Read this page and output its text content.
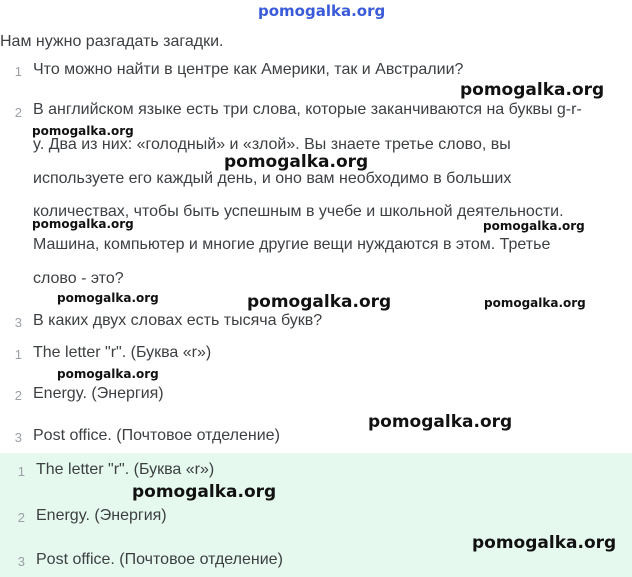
pomogalka.org
Нам нужно разгадать загадки.
1 Что можно найти в центре как Америки, так и Австралии?
2 В английском языке есть три слова, которые заканчиваются на буквы g-r-
y. Два из них: «голодный» и «злой». Вы знаете третье слово, вы
используете его каждый день, и оно вам необходимо в больших
количествах, чтобы быть успешным в учебе и школьной деятельности.
Машина, компьютер и многие другие вещи нуждаются в этом. Третье
слово - это?
3 В каких двух словах есть тысяча букв?
1 The letter "r". (Буква «r»)
2 Energy. (Энергия)
3 Post office. (Почтовое отделение)
1 The letter "r". (Буква «r»)
2 Energy. (Энергия)
3 Post office. (Почтовое отделение)
pomogalka.org
pomogalka.org
pomogalka.org
pomogalka.org
pomogalka.org
pomogalka.org
pomogalka.org
pomogalka.org	pomogalka.org
pomogalka.org	pomogalka.org
pomogalka.org
